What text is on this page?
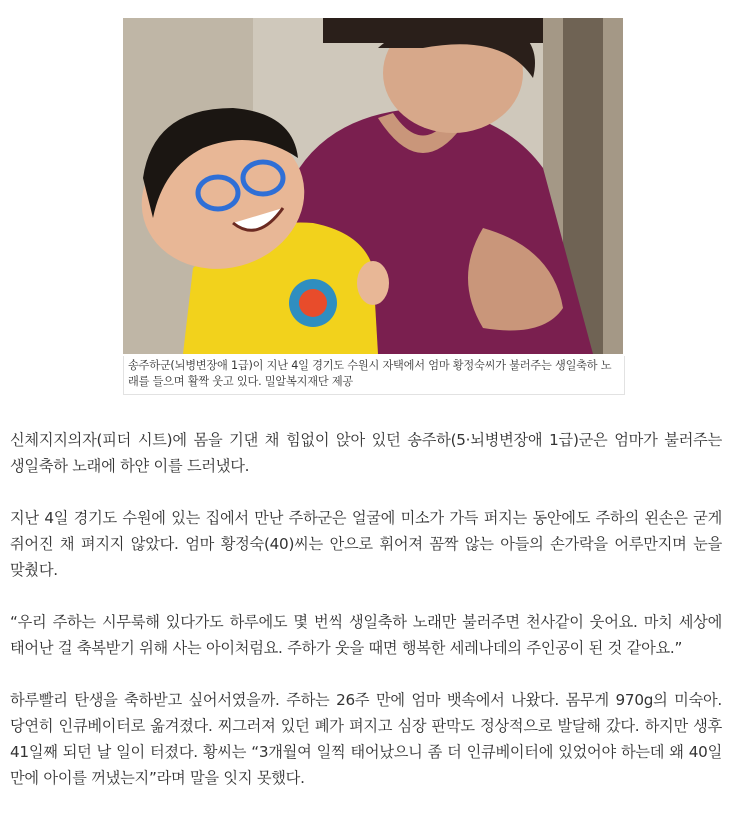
송주하군(뇌병변장애 1급)이 지난 4일 경기도 수원시 자택에서 엄마 황정숙씨가 불러주는 생일축하 노래를 들으며 활짝 웃고 있다. 밀알복지재단 제공

신체지지의자(피더 시트)에 몸을 기댄 채 힘없이 앉아 있던 송주하(5·뇌병변장애 1급)군은 엄마가 불러주는 생일축하 노래에 하얀 이를 드러냈다.

지난 4일 경기도 수원에 있는 집에서 만난 주하군은 얼굴에 미소가 가득 퍼지는 동안에도 주하의 왼손은 굳게 쥐어진 채 펴지지 않았다. 엄마 황정숙(40)씨는 안으로 휘어져 꼼짝 않는 아들의 손가락을 어루만지며 눈을 맞췄다.

“우리 주하는 시무룩해 있다가도 하루에도 몇 번씩 생일축하 노래만 불러주면 천사같이 웃어요. 마치 세상에 태어난 걸 축복받기 위해 사는 아이처럼요. 주하가 웃을 때면 행복한 세레나데의 주인공이 된 것 같아요.”

하루빨리 탄생을 축하받고 싶어서였을까. 주하는 26주 만에 엄마 뱃속에서 나왔다. 몸무게 970g의 미숙아. 당연히 인큐베이터로 옮겨졌다. 찌그러져 있던 폐가 펴지고 심장 판막도 정상적으로 발달해 갔다. 하지만 생후 41일째 되던 날 일이 터졌다. 황씨는 “3개월여 일찍 태어났으니 좀 더 인큐베이터에 있었어야 하는데 왜 40일 만에 아이를 꺼냈는지”라며 말을 잇지 못했다.
